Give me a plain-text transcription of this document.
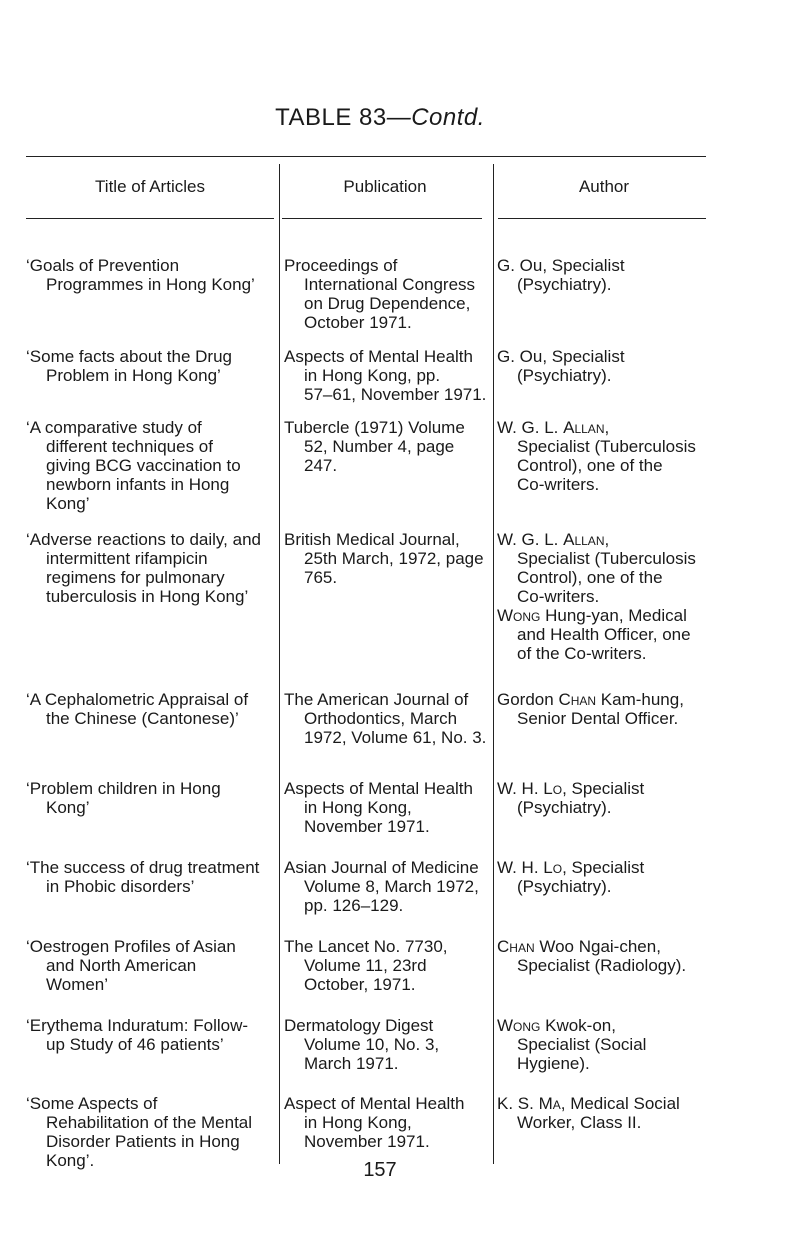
TABLE 83—Contd.
Title of Articles	Publication	Author
‘Goals of Prevention
Programmes in Hong Kong’
Proceedings of
International Congress
on Drug Dependence,
October 1971.
G. Ou, Specialist
(Psychiatry).
‘Some facts about the Drug
Problem in Hong Kong’
Aspects of Mental Health
in Hong Kong, pp.
57–61, November 1971.
G. Ou, Specialist
(Psychiatry).
‘A comparative study of
different techniques of
giving BCG vaccination to
newborn infants in Hong
Kong’
Tubercle (1971) Volume
52, Number 4, page
247.
W. G. L. Allan,
Specialist (Tuberculosis
Control), one of the
Co-writers.
‘Adverse reactions to daily, and
intermittent rifampicin
regimens for pulmonary
tuberculosis in Hong Kong’
British Medical Journal,
25th March, 1972, page
765.
W. G. L. Allan,
Specialist (Tuberculosis
Control), one of the
Co-writers.
Wong Hung-yan, Medical
and Health Officer, one
of the Co-writers.
‘A Cephalometric Appraisal of
the Chinese (Cantonese)’
The American Journal of
Orthodontics, March
1972, Volume 61, No. 3.
Gordon Chan Kam-hung,
Senior Dental Officer.
‘Problem children in Hong
Kong’
Aspects of Mental Health
in Hong Kong,
November 1971.
W. H. Lo, Specialist
(Psychiatry).
‘The success of drug treatment
in Phobic disorders’
Asian Journal of Medicine
Volume 8, March 1972,
pp. 126–129.
W. H. Lo, Specialist
(Psychiatry).
‘Oestrogen Profiles of Asian
and North American
Women’
The Lancet No. 7730,
Volume 11, 23rd
October, 1971.
Chan Woo Ngai-chen,
Specialist (Radiology).
‘Erythema Induratum: Follow-
up Study of 46 patients’
Dermatology Digest
Volume 10, No. 3,
March 1971.
Wong Kwok-on,
Specialist (Social
Hygiene).
‘Some Aspects of
Rehabilitation of the Mental
Disorder Patients in Hong
Kong’.
Aspect of Mental Health
in Hong Kong,
November 1971.
K. S. Ma, Medical Social
Worker, Class II.
157
